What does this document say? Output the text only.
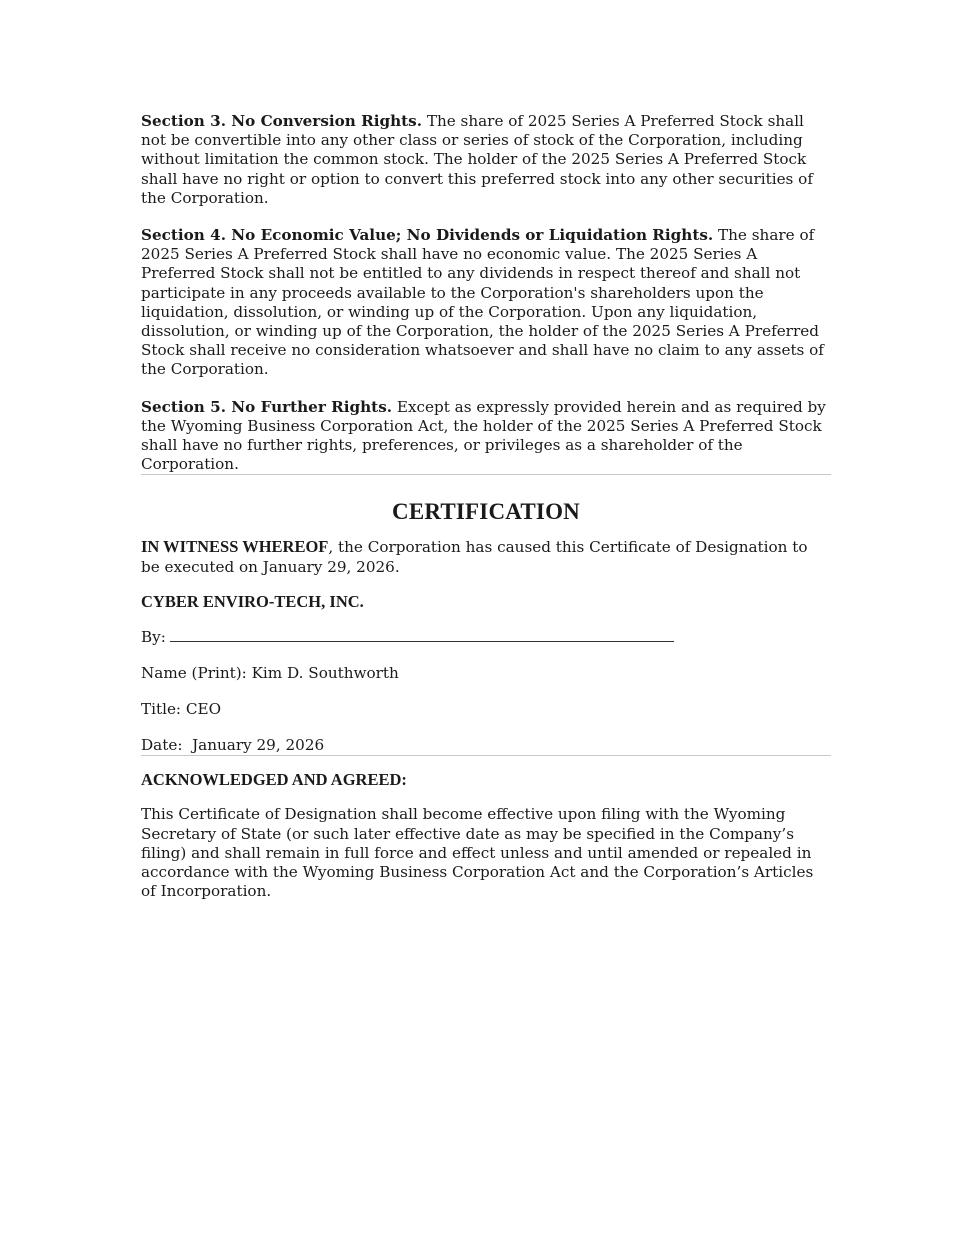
Section 3. No Conversion Rights. The share of 2025 Series A Preferred Stock shall not be convertible into any other class or series of stock of the Corporation, including without limitation the common stock. The holder of the 2025 Series A Preferred Stock shall have no right or option to convert this preferred stock into any other securities of the Corporation.

Section 4. No Economic Value; No Dividends or Liquidation Rights. The share of 2025 Series A Preferred Stock shall have no economic value. The 2025 Series A Preferred Stock shall not be entitled to any dividends in respect thereof and shall not participate in any proceeds available to the Corporation's shareholders upon the liquidation, dissolution, or winding up of the Corporation. Upon any liquidation, dissolution, or winding up of the Corporation, the holder of the 2025 Series A Preferred Stock shall receive no consideration whatsoever and shall have no claim to any assets of the Corporation.

Section 5. No Further Rights. Except as expressly provided herein and as required by the Wyoming Business Corporation Act, the holder of the 2025 Series A Preferred Stock shall have no further rights, preferences, or privileges as a shareholder of the Corporation.

CERTIFICATION

IN WITNESS WHEREOF, the Corporation has caused this Certificate of Designation to be executed on January 29, 2026.

CYBER ENVIRO-TECH, INC.

By:

Name (Print): Kim D. Southworth

Title: CEO

Date:  January 29, 2026

ACKNOWLEDGED AND AGREED:

This Certificate of Designation shall become effective upon filing with the Wyoming Secretary of State (or such later effective date as may be specified in the Company’s filing) and shall remain in full force and effect unless and until amended or repealed in accordance with the Wyoming Business Corporation Act and the Corporation’s Articles of Incorporation.
